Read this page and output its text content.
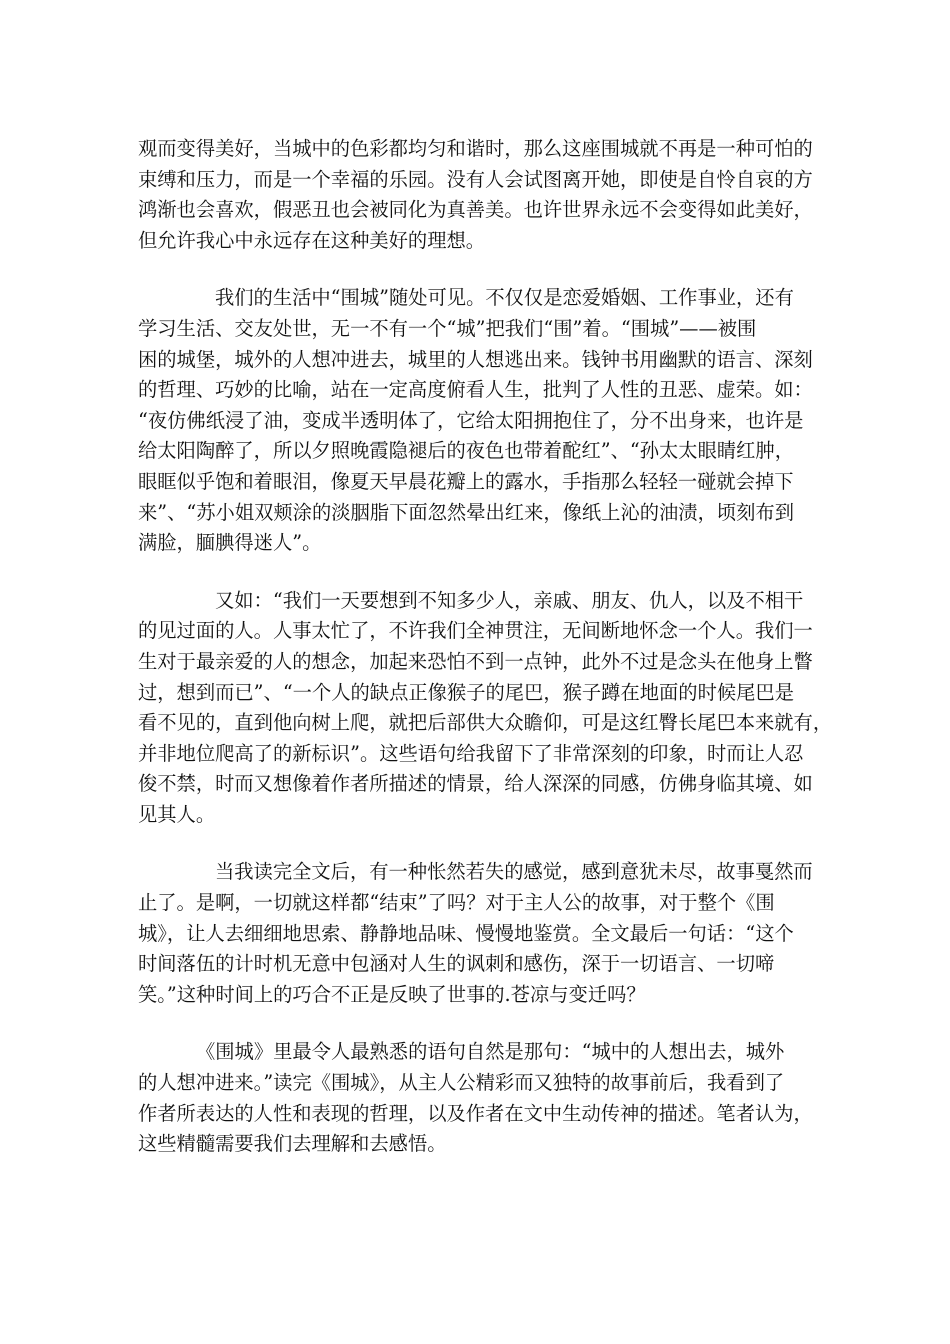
观而变得美好，当城中的色彩都均匀和谐时，那么这座围城就不再是一种可怕的
束缚和压力，而是一个幸福的乐园。没有人会试图离开她，即使是自怜自哀的方
鸿渐也会喜欢，假恶丑也会被同化为真善美。也许世界永远不会变得如此美好，
但允许我心中永远存在这种美好的理想。
我们的生活中“围城”随处可见。不仅仅是恋爱婚姻、工作事业，还有
学习生活、交友处世，无一不有一个“城”把我们“围”着。“围城”——被围
困的城堡，城外的人想冲进去，城里的人想逃出来。钱钟书用幽默的语言、深刻
的哲理、巧妙的比喻，站在一定高度俯看人生，批判了人性的丑恶、虚荣。如：
“夜仿佛纸浸了油，变成半透明体了，它给太阳拥抱住了，分不出身来，也许是
给太阳陶醉了，所以夕照晚霞隐褪后的夜色也带着酡红”、“孙太太眼睛红肿，
眼眶似乎饱和着眼泪，像夏天早晨花瓣上的露水，手指那么轻轻一碰就会掉下
来”、“苏小姐双颊涂的淡胭脂下面忽然晕出红来，像纸上沁的油渍，顷刻布到
满脸，腼腆得迷人”。
又如：“我们一天要想到不知多少人，亲戚、朋友、仇人，以及不相干
的见过面的人。人事太忙了，不许我们全神贯注，无间断地怀念一个人。我们一
生对于最亲爱的人的想念，加起来恐怕不到一点钟，此外不过是念头在他身上瞥
过，想到而已”、“一个人的缺点正像猴子的尾巴，猴子蹲在地面的时候尾巴是
看不见的，直到他向树上爬，就把后部供大众瞻仰，可是这红臀长尾巴本来就有，
并非地位爬高了的新标识”。这些语句给我留下了非常深刻的印象，时而让人忍
俊不禁，时而又想像着作者所描述的情景，给人深深的同感，仿佛身临其境、如
见其人。
当我读完全文后，有一种怅然若失的感觉，感到意犹未尽，故事戛然而
止了。是啊，一切就这样都“结束”了吗？对于主人公的故事，对于整个《围
城》，让人去细细地思索、静静地品味、慢慢地鉴赏。全文最后一句话：“这个
时间落伍的计时机无意中包涵对人生的讽刺和感伤，深于一切语言、一切啼
笑。”这种时间上的巧合不正是反映了世事的.苍凉与变迁吗？
《围城》里最令人最熟悉的语句自然是那句：“城中的人想出去，城外
的人想冲进来。”读完《围城》，从主人公精彩而又独特的故事前后，我看到了
作者所表达的人性和表现的哲理，以及作者在文中生动传神的描述。笔者认为，
这些精髓需要我们去理解和去感悟。
